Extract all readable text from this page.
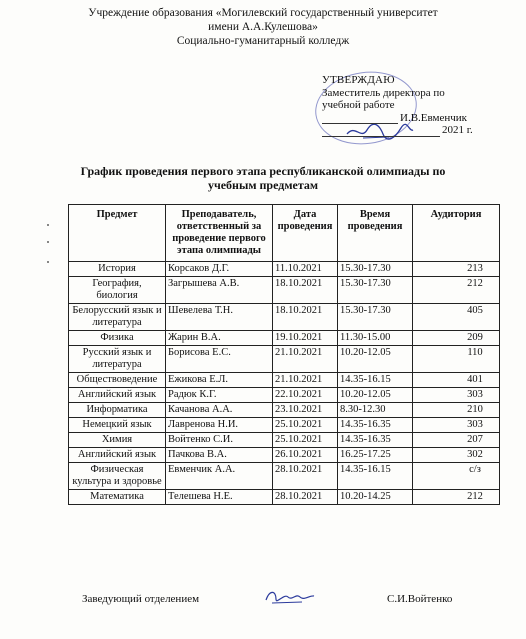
Учреждение образования «Могилевский государственный университет
имени А.А.Кулешова»
Социально-гуманитарный колледж
УТВЕРЖДАЮ
Заместитель директора по
учебной работе
И.В.Евменчик
2021 г.
График проведения первого этапа республиканской олимпиады по учебным предметам
Предмет	Преподаватель, ответственный за проведение первого этапа олимпиады	Дата проведения	Время проведения	Аудитория
История	Корсаков Д.Г.	11.10.2021	15.30-17.30	213
География, биология	Загрышева А.В.	18.10.2021	15.30-17.30	212
Белорусский язык и литература	Шевелева Т.Н.	18.10.2021	15.30-17.30	405
Физика	Жарин В.А.	19.10.2021	11.30-15.00	209
Русский язык и литература	Борисова Е.С.	21.10.2021	10.20-12.05	110
Обществоведение	Ежикова Е.Л.	21.10.2021	14.35-16.15	401
Английский язык	Радюк К.Г.	22.10.2021	10.20-12.05	303
Информатика	Качанова А.А.	23.10.2021	8.30-12.30	210
Немецкий язык	Лавренова Н.И.	25.10.2021	14.35-16.35	303
Химия	Войтенко С.И.	25.10.2021	14.35-16.35	207
Английский язык	Пачкова В.А.	26.10.2021	16.25-17.25	302
Физическая культура и здоровье	Евменчик А.А.	28.10.2021	14.35-16.15	с/з
Математика	Телешева Н.Е.	28.10.2021	10.20-14.25	212
Заведующий отделением	С.И.Войтенко
